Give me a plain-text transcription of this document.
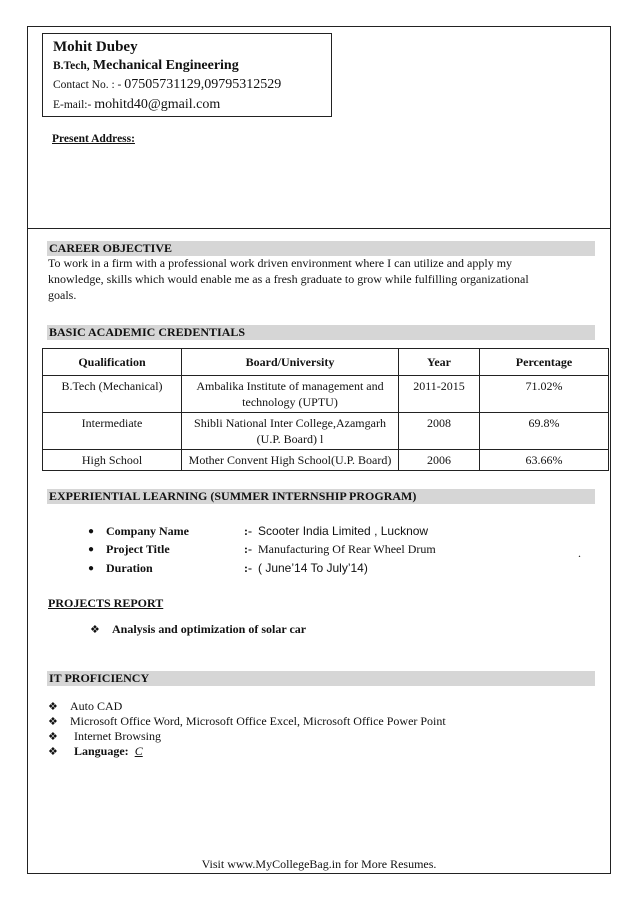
Mohit Dubey
B.Tech, Mechanical Engineering
Contact No. : - 07505731129,09795312529
E-mail:- mohitd40@gmail.com
Present Address:
CAREER OBJECTIVE
To work in a firm with a professional work driven environment where I can utilize and apply my
knowledge, skills which would enable me as a fresh graduate to grow while fulfilling organizational
goals.
BASIC ACADEMIC CREDENTIALS
Qualification	Board/University	Year	Percentage
B.Tech (Mechanical)	Ambalika Institute of management and technology (UPTU)	2011-2015	71.02%
Intermediate	Shibli National Inter College,Azamgarh (U.P. Board) l	2008	69.8%
High School	Mother Convent High School(U.P. Board)	2006	63.66%
EXPERIENTIAL LEARNING (SUMMER INTERNSHIP PROGRAM)
● Company Name	:- Scooter India Limited , Lucknow
● Project Title	:- Manufacturing Of Rear Wheel Drum
● Duration	:- ( June’14 To July’14)
.
PROJECTS REPORT
❖	Analysis and optimization of solar car
IT PROFICIENCY
❖	Auto CAD
❖	Microsoft Office Word, Microsoft Office Excel, Microsoft Office Power Point
❖	Internet Browsing
❖	Language: C
Visit www.MyCollegeBag.in for More Resumes.
